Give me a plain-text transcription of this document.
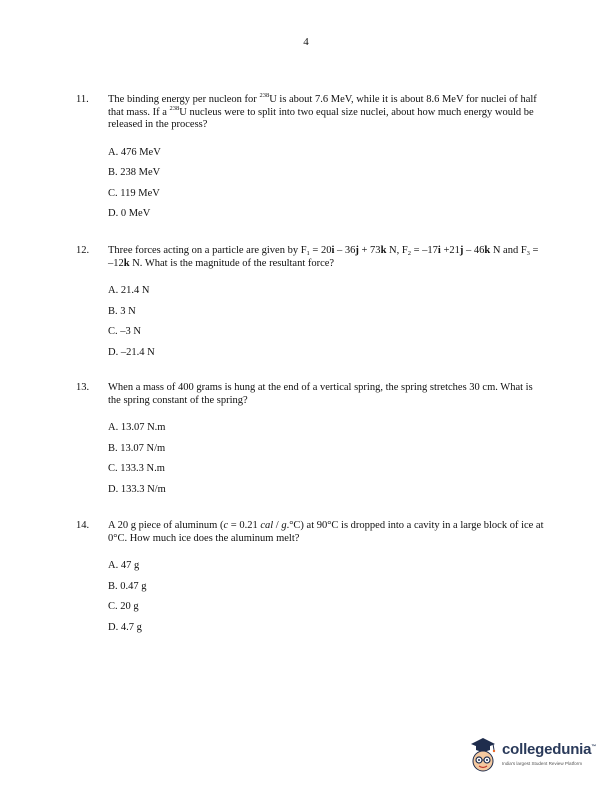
4
11. The binding energy per nucleon for $^{238}$U is about 7.6 MeV, while it is about 8.6 MeV for nuclei of half that mass. If a $^{238}$U nucleus were to split into two equal size nuclei, about how much energy would be released in the process?
A. 476 MeV
B. 238 MeV
C. 119 MeV
D. 0 MeV
12. Three forces acting on a particle are given by $F_1 = 20i - 36j + 73k$ N, $F_2 = -17i +21j - 46k$ N and $F_3 = -12k$ N. What is the magnitude of the resultant force?
A. 21.4 N
B. 3 N
C. –3 N
D. –21.4 N
13. When a mass of 400 grams is hung at the end of a vertical spring, the spring stretches 30 cm. What is the spring constant of the spring?
A. 13.07 N.m
B. 13.07 N/m
C. 133.3 N.m
D. 133.3 N/m
14. A 20 g piece of aluminum (c = 0.21 cal / g.°C) at 90°C is dropped into a cavity in a large block of ice at 0°C. How much ice does the aluminum melt?
A. 47 g
B. 0.47 g
C. 20 g
D. 4.7 g
collegedunia™
India's largest Student Review Platform
